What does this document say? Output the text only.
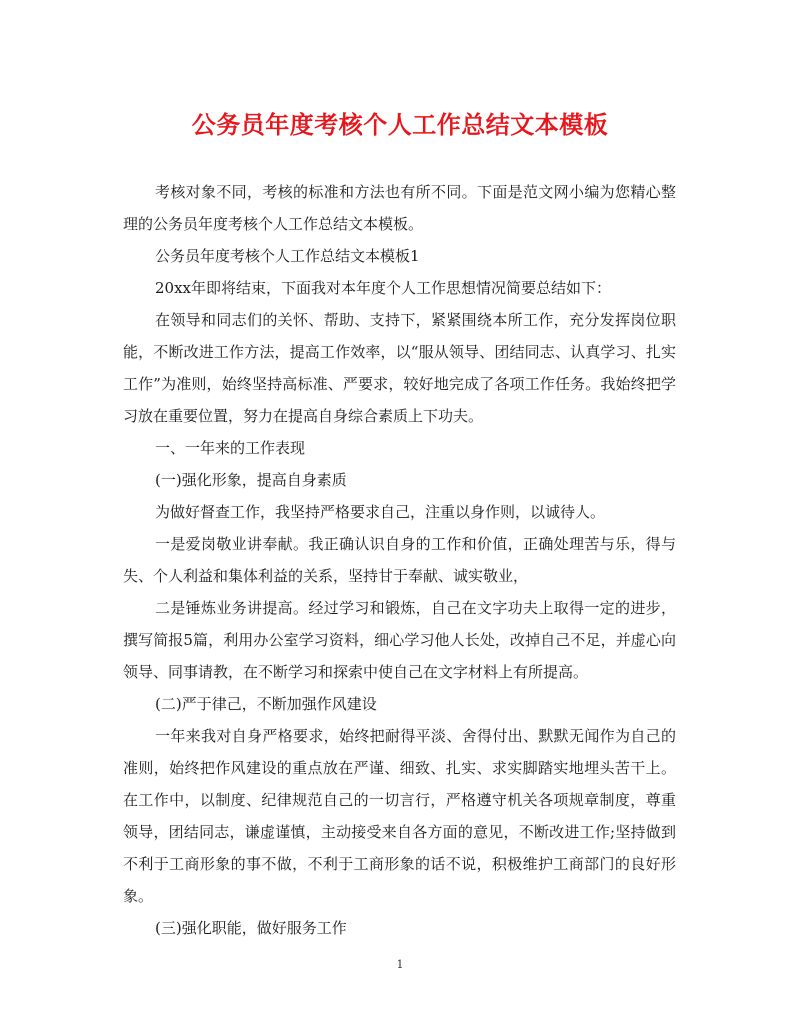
公务员年度考核个人工作总结文本模板

考核对象不同，考核的标准和方法也有所不同。下面是范文网小编为您精心整理的公务员年度考核个人工作总结文本模板。

公务员年度考核个人工作总结文本模板1

20xx年即将结束，下面我对本年度个人工作思想情况简要总结如下：

在领导和同志们的关怀、帮助、支持下，紧紧围绕本所工作，充分发挥岗位职能，不断改进工作方法，提高工作效率，以“服从领导、团结同志、认真学习、扎实工作”为准则，始终坚持高标准、严要求，较好地完成了各项工作任务。我始终把学习放在重要位置，努力在提高自身综合素质上下功夫。

一、一年来的工作表现

(一)强化形象，提高自身素质

为做好督查工作，我坚持严格要求自己，注重以身作则，以诚待人。

一是爱岗敬业讲奉献。我正确认识自身的工作和价值，正确处理苦与乐，得与失、个人利益和集体利益的关系，坚持甘于奉献、诚实敬业，

二是锤炼业务讲提高。经过学习和锻炼，自己在文字功夫上取得一定的进步，撰写简报5篇，利用办公室学习资料，细心学习他人长处，改掉自己不足，并虚心向领导、同事请教，在不断学习和探索中使自己在文字材料上有所提高。

(二)严于律己，不断加强作风建设

一年来我对自身严格要求，始终把耐得平淡、舍得付出、默默无闻作为自己的准则，始终把作风建设的重点放在严谨、细致、扎实、求实脚踏实地埋头苦干上。在工作中，以制度、纪律规范自己的一切言行，严格遵守机关各项规章制度，尊重领导，团结同志，谦虚谨慎，主动接受来自各方面的意见，不断改进工作;坚持做到不利于工商形象的事不做，不利于工商形象的话不说，积极维护工商部门的良好形象。

(三)强化职能，做好服务工作

1
